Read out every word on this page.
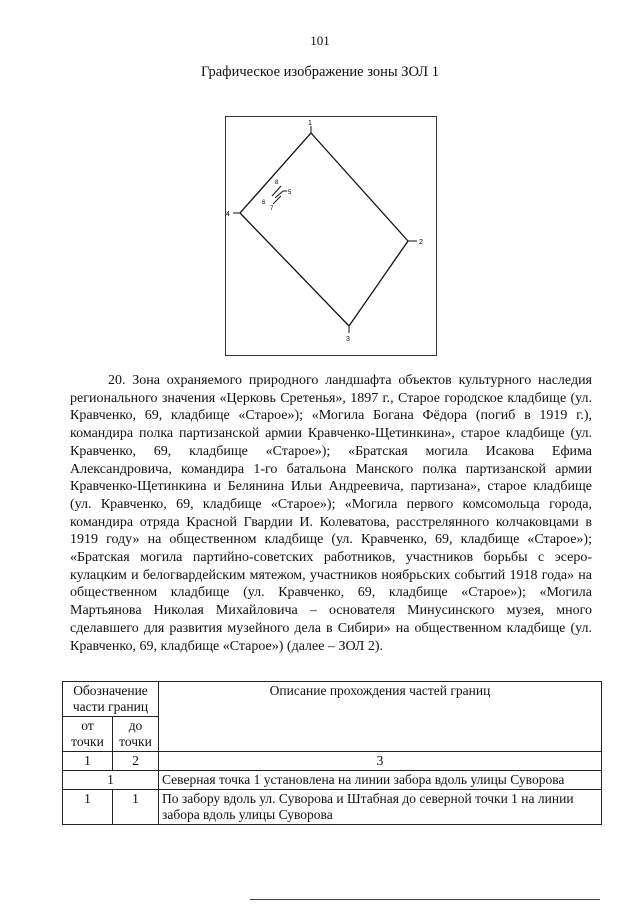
101
Графическое изображение зоны ЗОЛ 1
1
2
3
4
5
6
7
8

20. Зона охраняемого природного ландшафта объектов культурного наследия регионального значения «Церковь Сретенья», 1897 г., Старое городское кладбище (ул. Кравченко, 69, кладбище «Старое»); «Могила Богана Фёдора (погиб в 1919 г.), командира полка партизанской армии Кравченко-Щетинкина», старое кладбище (ул. Кравченко, 69, кладбище «Старое»); «Братская могила Исакова Ефима Александровича, командира 1-го батальона Манского полка партизанской армии Кравченко-Щетинкина и Белянина Ильи Андреевича, партизана», старое кладбище (ул. Кравченко, 69, кладбище «Старое»); «Могила первого комсомольца города, командира отряда Красной Гвардии И. Колеватова, расстрелянного колчаковцами в 1919 году» на общественном кладбище (ул. Кравченко, 69, кладбище «Старое»); «Братская могила партийно-советских работников, участников борьбы с эсеро-кулацким и белогвардейским мятежом, участников ноябрьских событий 1918 года» на общественном кладбище (ул. Кравченко, 69, кладбище «Старое»); «Могила Мартьянова Николая Михайловича – основателя Минусинского музея, много сделавшего для развития музейного дела в Сибири» на общественном кладбище (ул. Кравченко, 69, кладбище «Старое») (далее – ЗОЛ 2).

Обозначение части границ		Описание прохождения частей границ
от точки	до точки	
1	2	3
1		Северная точка 1 установлена на линии забора вдоль улицы Суворова
1	1	По забору вдоль ул. Суворова и Штабная до северной точки 1 на линии забора вдоль улицы Суворова
